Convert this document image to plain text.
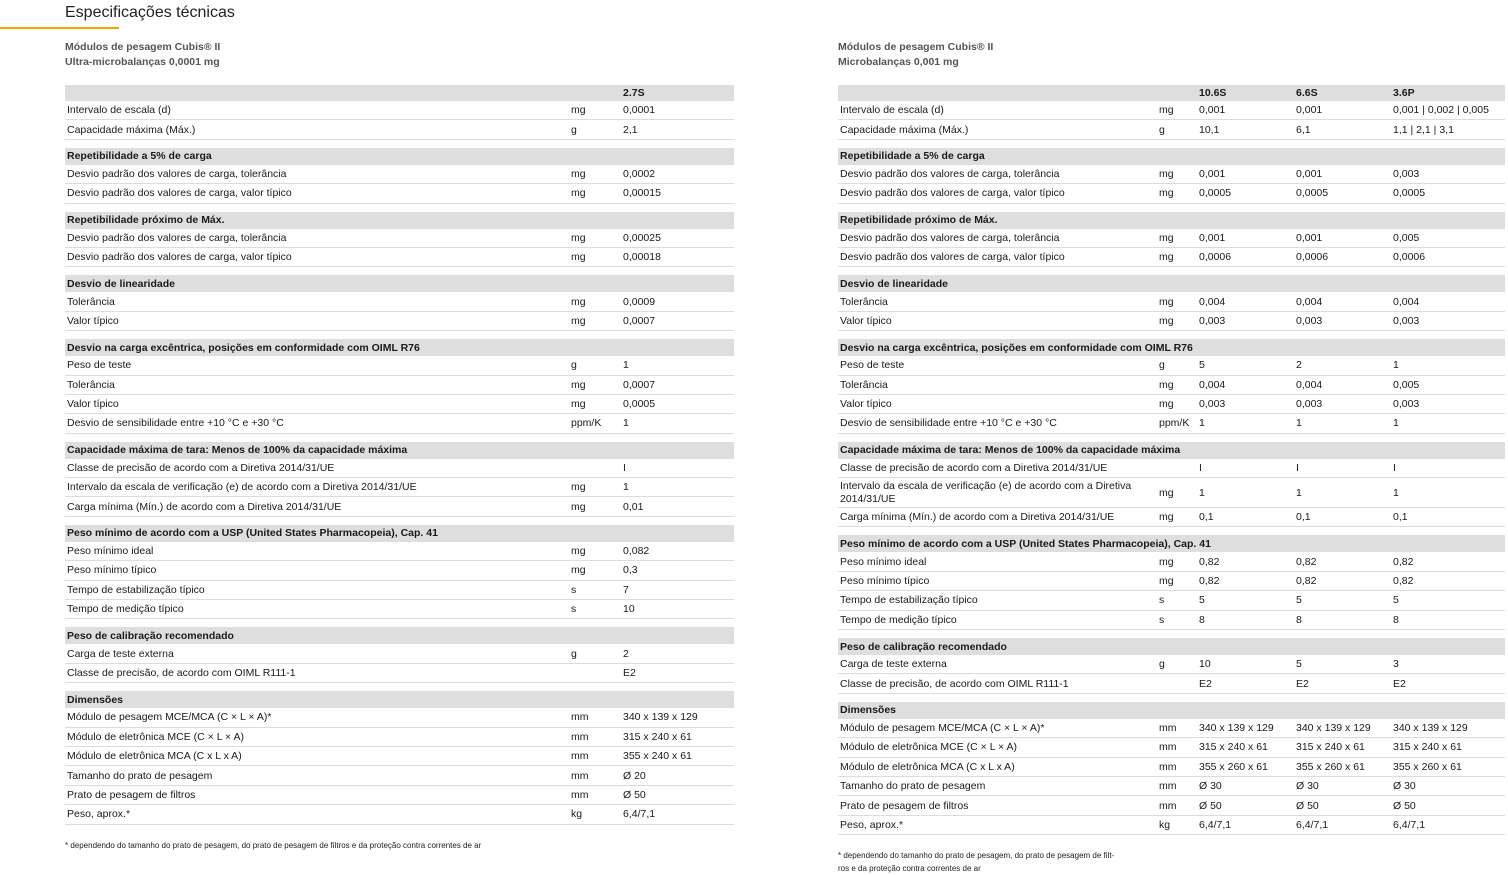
Especificações técnicas
Módulos de pesagem Cubis® II
Ultra-microbalanças 0,0001 mg
		2.7S
Intervalo de escala (d)	mg	0,0001
Capacidade máxima (Máx.)	g	2,1

Repetibilidade a 5% de carga		
Desvio padrão dos valores de carga, tolerância	mg	0,0002
Desvio padrão dos valores de carga, valor típico	mg	0,00015

Repetibilidade próximo de Máx.		
Desvio padrão dos valores de carga, tolerância	mg	0,00025
Desvio padrão dos valores de carga, valor típico	mg	0,00018

Desvio de linearidade		
Tolerância	mg	0,0009
Valor típico	mg	0,0007

Desvio na carga excêntrica, posições em conformidade com OIML R76		
Peso de teste	g	1
Tolerância	mg	0,0007
Valor típico	mg	0,0005
Desvio de sensibilidade entre +10 °C e +30 °C	ppm/K	1

Capacidade máxima de tara: Menos de 100% da capacidade máxima		
Classe de precisão de acordo com a Diretiva 2014/31/UE		I
Intervalo da escala de verificação (e) de acordo com a Diretiva 2014/31/UE	mg	1
Carga mínima (Mín.) de acordo com a Diretiva 2014/31/UE	mg	0,01

Peso mínimo de acordo com a USP (United States Pharmacopeia), Cap. 41		
Peso mínimo ideal	mg	0,082
Peso mínimo típico	mg	0,3
Tempo de estabilização típico	s	7
Tempo de medição típico	s	10

Peso de calibração recomendado		
Carga de teste externa	g	2
Classe de precisão, de acordo com OIML R111-1		E2

Dimensões		
Módulo de pesagem MCE/MCA (C × L × A)*	mm	340 x 139 x 129
Módulo de eletrônica MCE (C × L × A)	mm	315 x 240 x 61
Módulo de eletrônica MCA (C x L x A)	mm	355 x 240 x 61
Tamanho do prato de pesagem	mm	Ø 20
Prato de pesagem de filtros	mm	Ø 50
Peso, aprox.*	kg	6,4/7,1
* dependendo do tamanho do prato de pesagem, do prato de pesagem de filtros e da proteção contra correntes de ar
Módulos de pesagem Cubis® II
Microbalanças 0,001 mg
		10.6S	6.6S	3.6P
Intervalo de escala (d)	mg	0,001	0,001	0,001 | 0,002 | 0,005
Capacidade máxima (Máx.)	g	10,1	6,1	1,1 | 2,1 | 3,1

Repetibilidade a 5% de carga				
Desvio padrão dos valores de carga, tolerância	mg	0,001	0,001	0,003
Desvio padrão dos valores de carga, valor típico	mg	0,0005	0,0005	0,0005

Repetibilidade próximo de Máx.				
Desvio padrão dos valores de carga, tolerância	mg	0,001	0,001	0,005
Desvio padrão dos valores de carga, valor típico	mg	0,0006	0,0006	0,0006

Desvio de linearidade				
Tolerância	mg	0,004	0,004	0,004
Valor típico	mg	0,003	0,003	0,003

Desvio na carga excêntrica, posições em conformidade com OIML R76				
Peso de teste	g	5	2	1
Tolerância	mg	0,004	0,004	0,005
Valor típico	mg	0,003	0,003	0,003
Desvio de sensibilidade entre +10 °C e +30 °C	ppm/K	1	1	1

Capacidade máxima de tara: Menos de 100% da capacidade máxima				
Classe de precisão de acordo com a Diretiva 2014/31/UE		I	I	I
Intervalo da escala de verificação (e) de acordo com a Diretiva 2014/31/UE	mg	1	1	1
Carga mínima (Mín.) de acordo com a Diretiva 2014/31/UE	mg	0,1	0,1	0,1

Peso mínimo de acordo com a USP (United States Pharmacopeia), Cap. 41				
Peso mínimo ideal	mg	0,82	0,82	0,82
Peso mínimo típico	mg	0,82	0,82	0,82
Tempo de estabilização típico	s	5	5	5
Tempo de medição típico	s	8	8	8

Peso de calibração recomendado				
Carga de teste externa	g	10	5	3
Classe de precisão, de acordo com OIML R111-1		E2	E2	E2

Dimensões				
Módulo de pesagem MCE/MCA (C × L × A)*	mm	340 x 139 x 129	340 x 139 x 129	340 x 139 x 129
Módulo de eletrônica MCE (C × L × A)	mm	315 x 240 x 61	315 x 240 x 61	315 x 240 x 61
Módulo de eletrônica MCA (C x L x A)	mm	355 x 260 x 61	355 x 260 x 61	355 x 260 x 61
Tamanho do prato de pesagem	mm	Ø 30	Ø 30	Ø 30
Prato de pesagem de filtros	mm	Ø 50	Ø 50	Ø 50
Peso, aprox.*	kg	6,4/7,1	6,4/7,1	6,4/7,1
* dependendo do tamanho do prato de pesagem, do prato de pesagem de filt-
ros e da proteção contra correntes de ar
